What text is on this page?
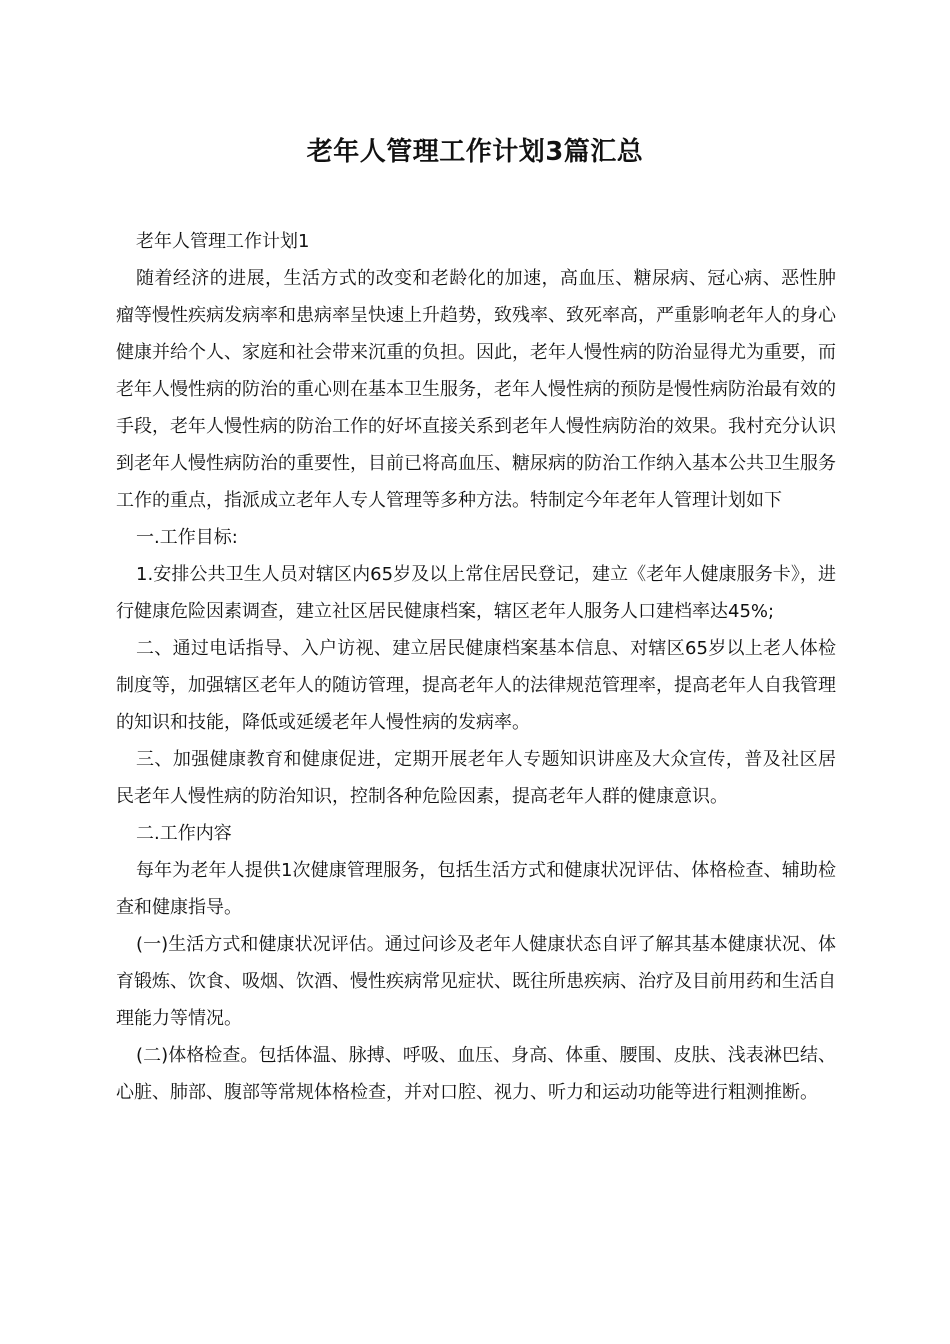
老年人管理工作计划3篇汇总

老年人管理工作计划1

随着经济的进展，生活方式的改变和老龄化的加速，高血压、糖尿病、冠心病、恶性肿瘤等慢性疾病发病率和患病率呈快速上升趋势，致残率、致死率高，严重影响老年人的身心健康并给个人、家庭和社会带来沉重的负担。因此，老年人慢性病的防治显得尤为重要，而老年人慢性病的防治的重心则在基本卫生服务，老年人慢性病的预防是慢性病防治最有效的手段，老年人慢性病的防治工作的好坏直接关系到老年人慢性病防治的效果。我村充分认识到老年人慢性病防治的重要性，目前已将高血压、糖尿病的防治工作纳入基本公共卫生服务工作的重点，指派成立老年人专人管理等多种方法。特制定今年老年人管理计划如下

一.工作目标:

1.安排公共卫生人员对辖区内65岁及以上常住居民登记，建立《老年人健康服务卡》，进行健康危险因素调查，建立社区居民健康档案，辖区老年人服务人口建档率达45%;

二、通过电话指导、入户访视、建立居民健康档案基本信息、对辖区65岁以上老人体检制度等，加强辖区老年人的随访管理，提高老年人的法律规范管理率，提高老年人自我管理的知识和技能，降低或延缓老年人慢性病的发病率。

三、加强健康教育和健康促进，定期开展老年人专题知识讲座及大众宣传，普及社区居民老年人慢性病的防治知识，控制各种危险因素，提高老年人群的健康意识。

二.工作内容

每年为老年人提供1次健康管理服务，包括生活方式和健康状况评估、体格检查、辅助检查和健康指导。

(一)生活方式和健康状况评估。通过问诊及老年人健康状态自评了解其基本健康状况、体育锻炼、饮食、吸烟、饮酒、慢性疾病常见症状、既往所患疾病、治疗及目前用药和生活自理能力等情况。

(二)体格检查。包括体温、脉搏、呼吸、血压、身高、体重、腰围、皮肤、浅表淋巴结、心脏、肺部、腹部等常规体格检查，并对口腔、视力、听力和运动功能等进行粗测推断。
